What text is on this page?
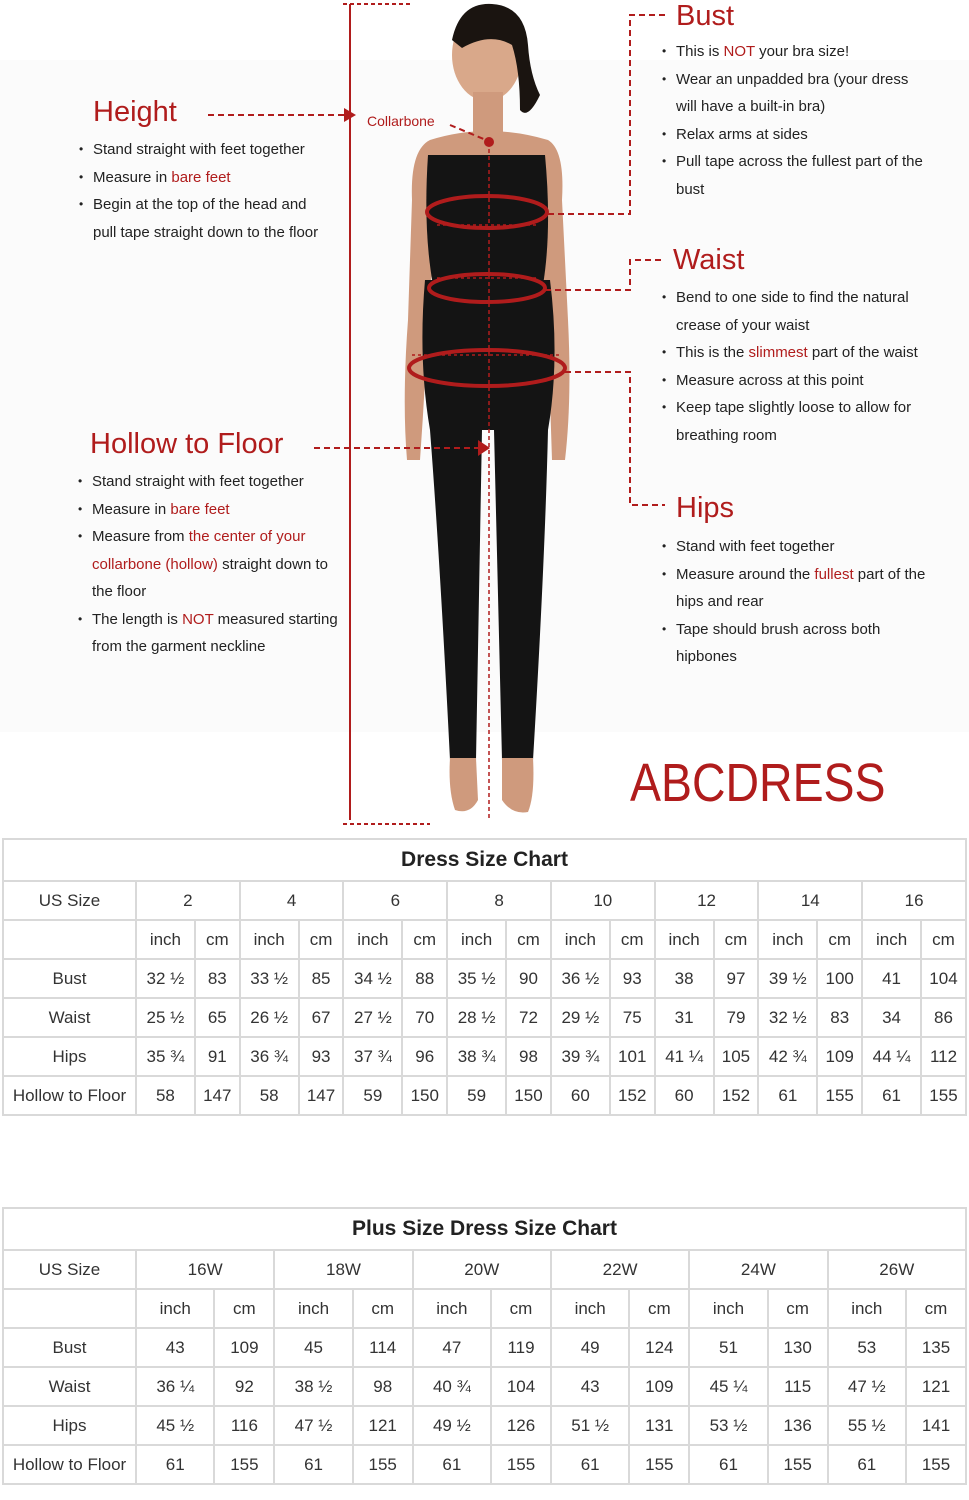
Collarbone
Height
• Stand straight with feet together
• Measure in bare feet
• Begin at the top of the head and pull tape straight down to the floor
Hollow to Floor
• Stand straight with feet together
• Measure in bare feet
• Measure from the center of your collarbone (hollow) straight down to the floor
• The length is NOT measured starting from the garment neckline
Bust
• This is NOT your bra size!
• Wear an unpadded bra (your dress will have a built-in bra)
• Relax arms at sides
• Pull tape across the fullest part of the bust
Waist
• Bend to one side to find the natural crease of your waist
• This is the slimmest part of the waist
• Measure across at this point
• Keep tape slightly loose to allow for breathing room
Hips
• Stand with feet together
• Measure around the fullest part of the hips and rear
• Tape should brush across both hipbones
ABCDRESS
Dress Size Chart																
US Size	2		4		6		8		10		12		14		16	
	inch	cm	inch	cm	inch	cm	inch	cm	inch	cm	inch	cm	inch	cm	inch	cm
Bust	32 ½	83	33 ½	85	34 ½	88	35 ½	90	36 ½	93	38	97	39 ½	100	41	104
Waist	25 ½	65	26 ½	67	27 ½	70	28 ½	72	29 ½	75	31	79	32 ½	83	34	86
Hips	35 ¾	91	36 ¾	93	37 ¾	96	38 ¾	98	39 ¾	101	41 ¼	105	42 ¾	109	44 ¼	112
Hollow to Floor	58	147	58	147	59	150	59	150	60	152	60	152	61	155	61	155
Plus Size Dress Size Chart												
US Size	16W		18W		20W		22W		24W		26W	
	inch	cm	inch	cm	inch	cm	inch	cm	inch	cm	inch	cm
Bust	43	109	45	114	47	119	49	124	51	130	53	135
Waist	36 ¼	92	38 ½	98	40 ¾	104	43	109	45 ¼	115	47 ½	121
Hips	45 ½	116	47 ½	121	49 ½	126	51 ½	131	53 ½	136	55 ½	141
Hollow to Floor	61	155	61	155	61	155	61	155	61	155	61	155
